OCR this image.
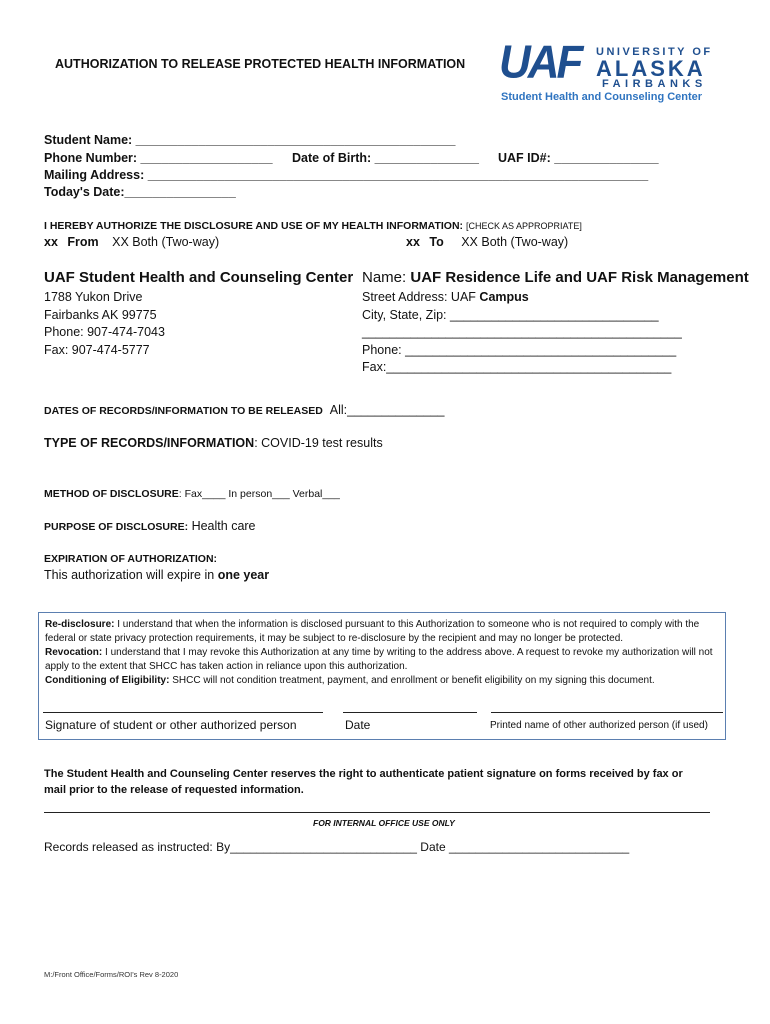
AUTHORIZATION TO RELEASE PROTECTED HEALTH INFORMATION UAF UNIVERSITY OF
ALASKA
FAIRBANKS
Student Health and Counseling Center
Student Name: ______________________________________________
Phone Number: ___________________ Date of Birth: _______________ UAF ID#: _______________
Mailing Address: ________________________________________________________________________
Today's Date:________________
I HEREBY AUTHORIZE THE DISCLOSURE AND USE OF MY HEALTH INFORMATION: [CHECK AS APPROPRIATE]
xx From XX Both (Two-way)	xx To XX Both (Two-way)
UAF Student Health and Counseling Center
1788 Yukon Drive
Fairbanks AK 99775
Phone: 907-474-7043
Fax: 907-474-5777
Name: UAF Residence Life and UAF Risk Management
Street Address: UAF Campus
City, State, Zip: ______________________________
______________________________________________
Phone: _______________________________________
Fax:_________________________________________
DATES OF RECORDS/INFORMATION TO BE RELEASED All:______________
TYPE OF RECORDS/INFORMATION: COVID-19 test results
METHOD OF DISCLOSURE: Fax____ In person___ Verbal___
PURPOSE OF DISCLOSURE: Health care
EXPIRATION OF AUTHORIZATION:
This authorization will expire in one year

Re-disclosure: I understand that when the information is disclosed pursuant to this Authorization to someone who is not required to comply with the

federal or state privacy protection requirements, it may be subject to re-disclosure by the recipient and may no longer be protected.

Revocation: I understand that I may revoke this Authorization at any time by writing to the address above. A request to revoke my authorization will not

apply to the extent that SHCC has taken action in reliance upon this authorization.

Conditioning of Eligibility: SHCC will not condition treatment, payment, and enrollment or benefit eligibility on my signing this document.

Signature of student or other authorized person	Date	Printed name of other authorized person (if used)
The Student Health and Counseling Center reserves the right to authenticate patient signature on forms received by fax or
mail prior to the release of requested information.
FOR INTERNAL OFFICE USE ONLY
Records released as instructed: By____________________________ Date ___________________________
M:/Front Office/Forms/ROI's Rev 8-2020
